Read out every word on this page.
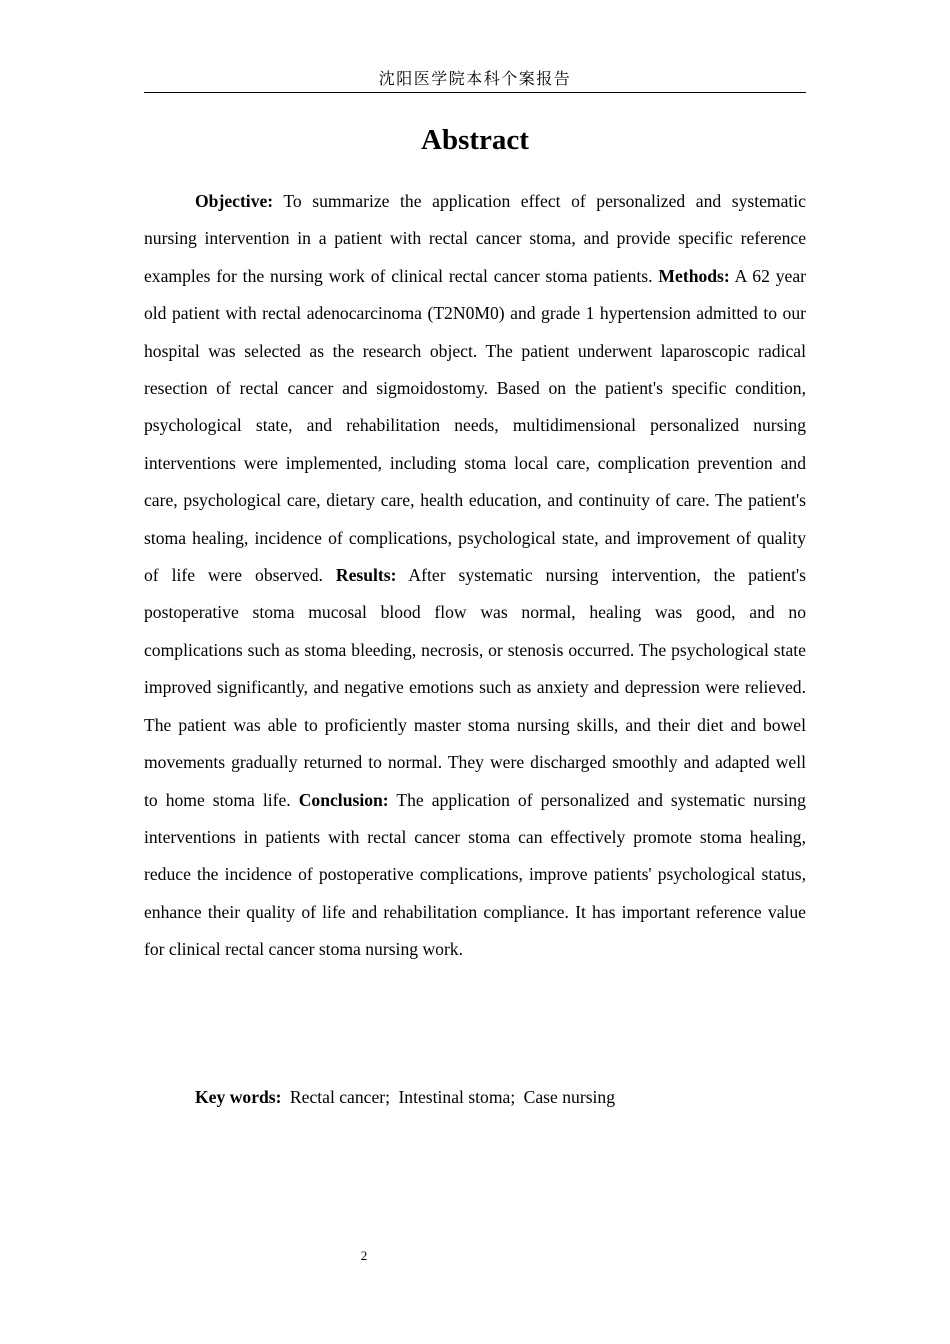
沈阳医学院本科个案报告
Abstract

Objective: To summarize the application effect of personalized and systematic nursing intervention in a patient with rectal cancer stoma, and provide specific reference examples for the nursing work of clinical rectal cancer stoma patients. Methods: A 62 year old patient with rectal adenocarcinoma (T2N0M0) and grade 1 hypertension admitted to our hospital was selected as the research object. The patient underwent laparoscopic radical resection of rectal cancer and sigmoidostomy. Based on the patient's specific condition, psychological state, and rehabilitation needs, multidimensional personalized nursing interventions were implemented, including stoma local care, complication prevention and care, psychological care, dietary care, health education, and continuity of care. The patient's stoma healing, incidence of complications, psychological state, and improvement of quality of life were observed. Results: After systematic nursing intervention, the patient's postoperative stoma mucosal blood flow was normal, healing was good, and no complications such as stoma bleeding, necrosis, or stenosis occurred. The psychological state improved significantly, and negative emotions such as anxiety and depression were relieved. The patient was able to proficiently master stoma nursing skills, and their diet and bowel movements gradually returned to normal. They were discharged smoothly and adapted well to home stoma life. Conclusion: The application of personalized and systematic nursing interventions in patients with rectal cancer stoma can effectively promote stoma healing, reduce the incidence of postoperative complications, improve patients' psychological status, enhance their quality of life and rehabilitation compliance. It has important reference value for clinical rectal cancer stoma nursing work.

Key words: Rectal cancer; Intestinal stoma; Case nursing

2
